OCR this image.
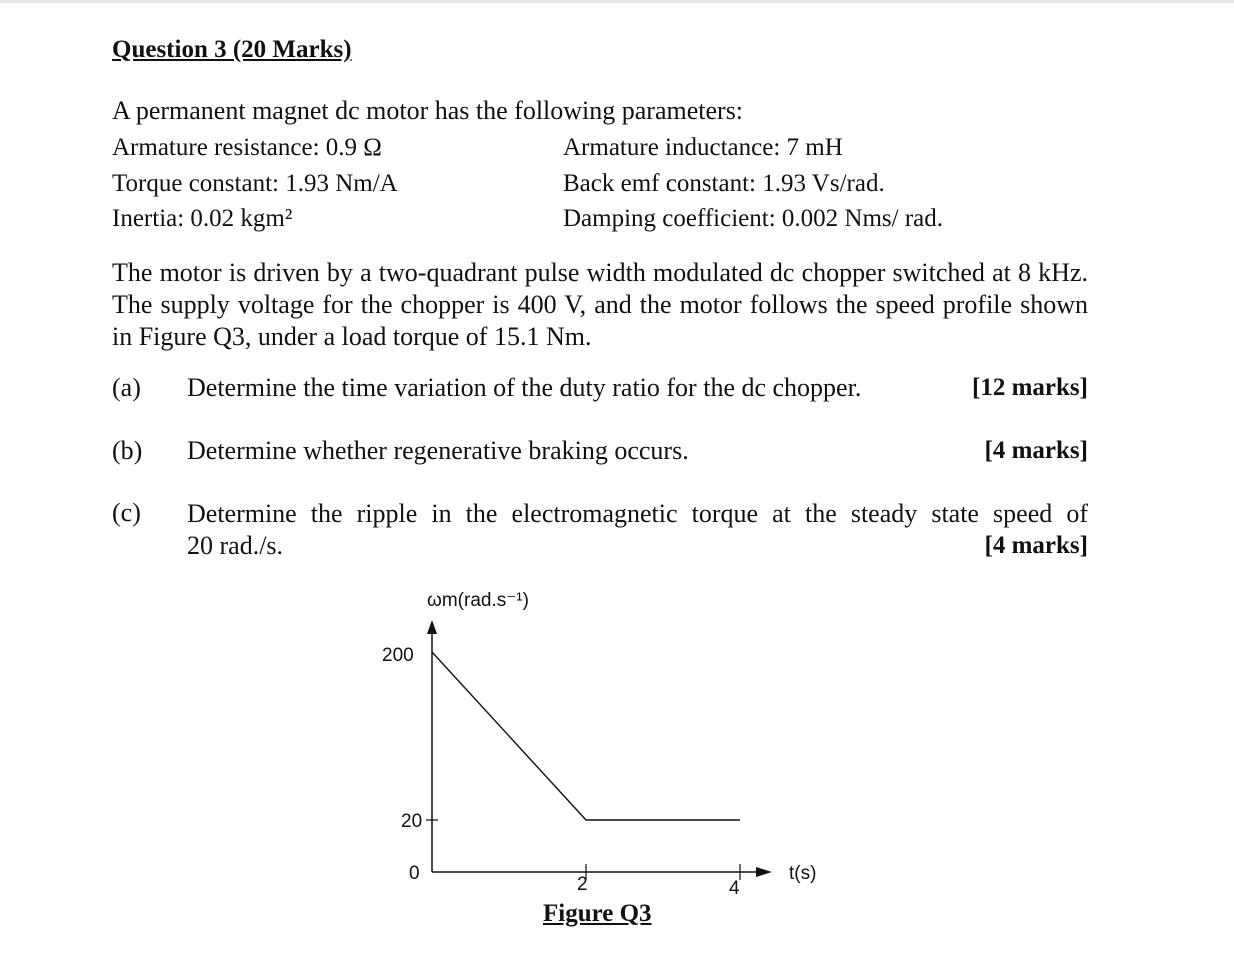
Question 3 (20 Marks)
A permanent magnet dc motor has the following parameters:
Armature resistance: 0.9 Ω	Armature inductance: 7 mH
Torque constant: 1.93 Nm/A	Back emf constant: 1.93 Vs/rad.
Inertia: 0.02 kgm²	Damping coefficient: 0.002 Nms/ rad.
The motor is driven by a two-quadrant pulse width modulated dc chopper switched at 8 kHz. The supply voltage for the chopper is 400 V, and the motor follows the speed profile shown in Figure Q3, under a load torque of 15.1 Nm.
(a) Determine the time variation of the duty ratio for the dc chopper.	[12 marks]
(b) Determine whether regenerative braking occurs.	[4 marks]
(c) Determine the ripple in the electromagnetic torque at the steady state speed of
20 rad./s.	[4 marks]
200
20
0
2	4
ωm(rad.s⁻¹)
t(s)
Figure Q3
